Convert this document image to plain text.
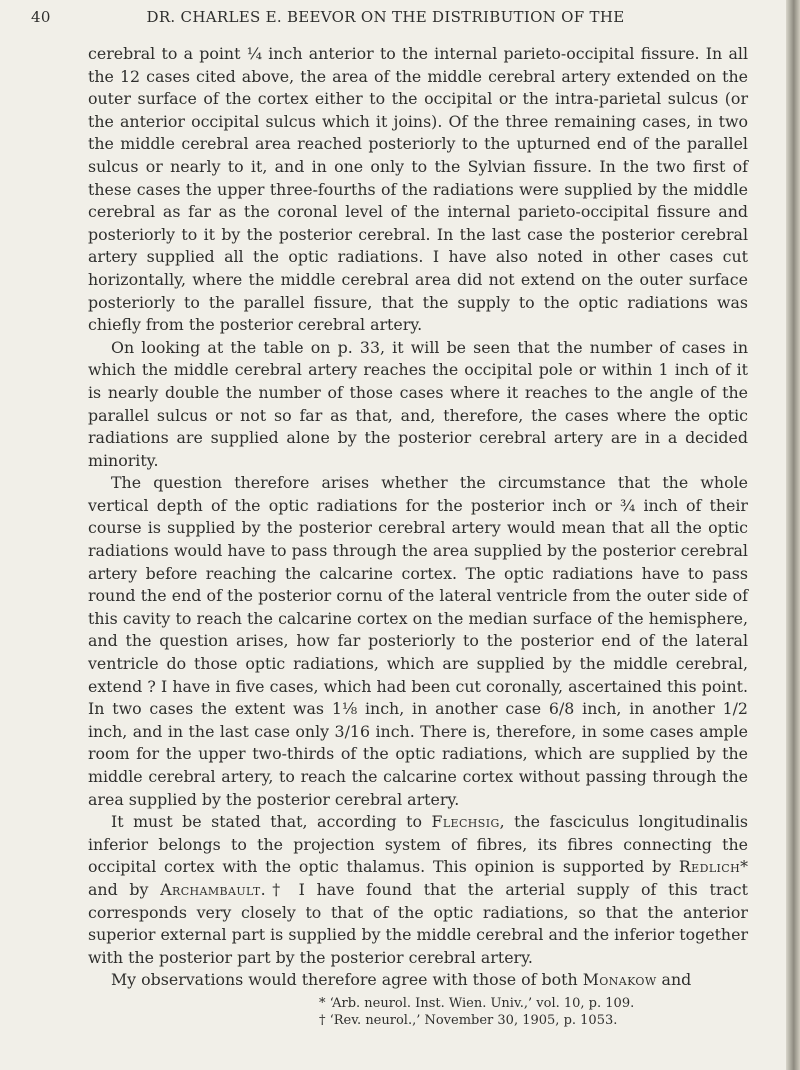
40	DR. CHARLES E. BEEVOR ON THE DISTRIBUTION OF THE

cerebral to a point ¼ inch anterior to the internal parieto-occipital fissure. In all the 12 cases cited above, the area of the middle cerebral artery extended on the outer surface of the cortex either to the occipital or the intra-parietal sulcus (or the anterior occipital sulcus which it joins). Of the three remaining cases, in two the middle cerebral area reached posteriorly to the upturned end of the parallel sulcus or nearly to it, and in one only to the Sylvian fissure. In the two first of these cases the upper three-fourths of the radiations were supplied by the middle cerebral as far as the coronal level of the internal parieto-occipital fissure and posteriorly to it by the posterior cerebral. In the last case the posterior cerebral artery supplied all the optic radiations. I have also noted in other cases cut horizontally, where the middle cerebral area did not extend on the outer surface posteriorly to the parallel fissure, that the supply to the optic radiations was chiefly from the posterior cerebral artery.

On looking at the table on p. 33, it will be seen that the number of cases in which the middle cerebral artery reaches the occipital pole or within 1 inch of it is nearly double the number of those cases where it reaches to the angle of the parallel sulcus or not so far as that, and, therefore, the cases where the optic radiations are supplied alone by the posterior cerebral artery are in a decided minority.

The question therefore arises whether the circumstance that the whole vertical depth of the optic radiations for the posterior inch or ¾ inch of their course is supplied by the posterior cerebral artery would mean that all the optic radiations would have to pass through the area supplied by the posterior cerebral artery before reaching the calcarine cortex. The optic radiations have to pass round the end of the posterior cornu of the lateral ventricle from the outer side of this cavity to reach the calcarine cortex on the median surface of the hemisphere, and the question arises, how far posteriorly to the posterior end of the lateral ventricle do those optic radiations, which are supplied by the middle cerebral, extend ? I have in five cases, which had been cut coronally, ascertained this point. In two cases the extent was 1⅛ inch, in another case 6/8 inch, in another 1/2 inch, and in the last case only 3/16 inch. There is, therefore, in some cases ample room for the upper two-thirds of the optic radiations, which are supplied by the middle cerebral artery, to reach the calcarine cortex without passing through the area supplied by the posterior cerebral artery.

It must be stated that, according to Flechsig, the fasciculus longitudinalis inferior belongs to the projection system of fibres, its fibres connecting the occipital cortex with the optic thalamus. This opinion is supported by Redlich* and by Archambault.† I have found that the arterial supply of this tract corresponds very closely to that of the optic radiations, so that the anterior superior external part is supplied by the middle cerebral and the inferior together with the posterior part by the posterior cerebral artery.

My observations would therefore agree with those of both Monakow and

* ‘Arb. neurol. Inst. Wien. Univ.,’ vol. 10, p. 109.
† ‘Rev. neurol.,’ November 30, 1905, p. 1053.
